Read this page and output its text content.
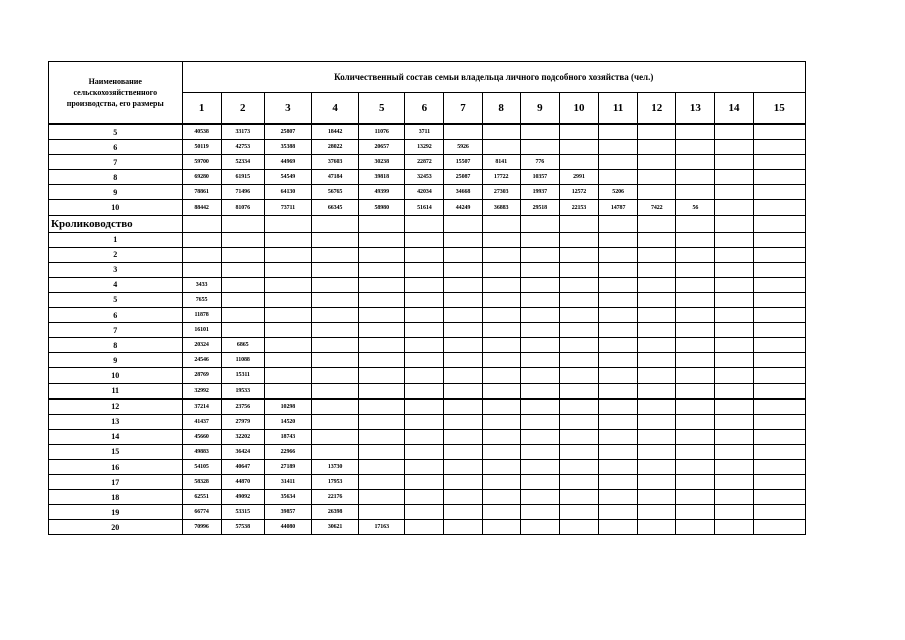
Наименование сельскохозяйственного производства, его размеры	Количественный состав семьи владельца личного подсобного хозяйства (чел.)														
	1	2	3	4	5	6	7	8	9	10	11	12	13	14	15
5	40538	33173	25807	18442	11076	3711									
6	50119	42753	35388	28022	20657	13292	5926								
7	59700	52334	44969	37603	30238	22872	15507	8141	776						
8	69280	61915	54549	47184	39818	32453	25087	17722	10357	2991					
9	78861	71496	64130	56765	49399	42034	34668	27303	19937	12572	5206				
10	88442	81076	73711	66345	58980	51614	44249	36883	29518	22153	14787	7422	56		
Кролиководство															
1															
2															
3															
4	3433														
5	7655														
6	11878														
7	16101														
8	20324	6865													
9	24546	11088													
10	28769	15311													
11	32992	19533													
12	37214	23756	10298												
13	41437	27979	14520												
14	45660	32202	18743												
15	49883	36424	22966												
16	54105	40647	27189	13730											
17	58328	44870	31411	17953											
18	62551	49092	35634	22176											
19	66774	53315	39857	26398											
20	70996	57538	44080	30621	17163										
